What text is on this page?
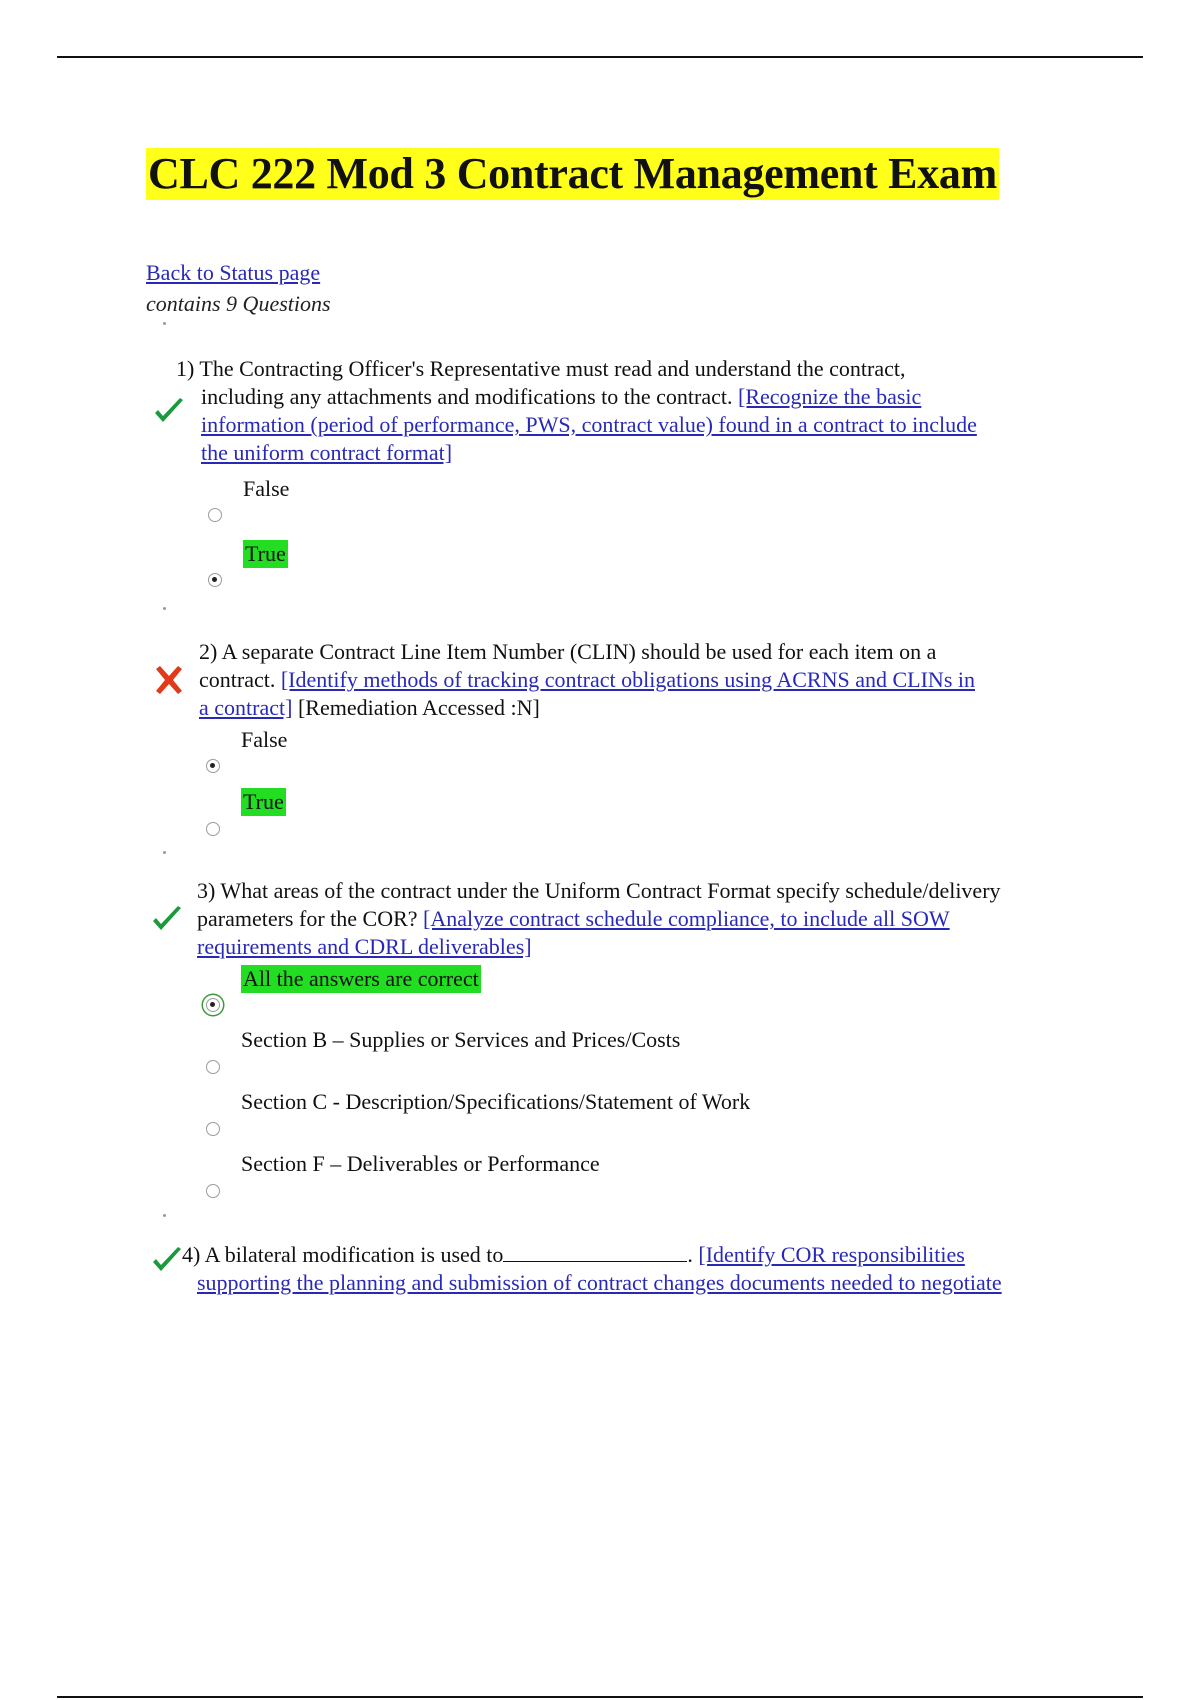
CLC 222 Mod 3 Contract Management Exam
Back to Status page
contains 9 Questions

1) The Contracting Officer's Representative must read and understand the contract,
including any attachments and modifications to the contract. [Recognize the basic
information (period of performance, PWS, contract value) found in a contract to include
the uniform contract format]

False
True

2) A separate Contract Line Item Number (CLIN) should be used for each item on a
contract. [Identify methods of tracking contract obligations using ACRNS and CLINs in
a contract] [Remediation Accessed :N]

False
True

3) What areas of the contract under the Uniform Contract Format specify schedule/delivery
parameters for the COR? [Analyze contract schedule compliance, to include all SOW
requirements and CDRL deliverables]

All the answers are correct
Section B – Supplies or Services and Prices/Costs
Section C - Description/Specifications/Statement of Work
Section F – Deliverables or Performance

4) A bilateral modification is used to	. [Identify COR responsibilities
supporting the planning and submission of contract changes documents needed to negotiate
